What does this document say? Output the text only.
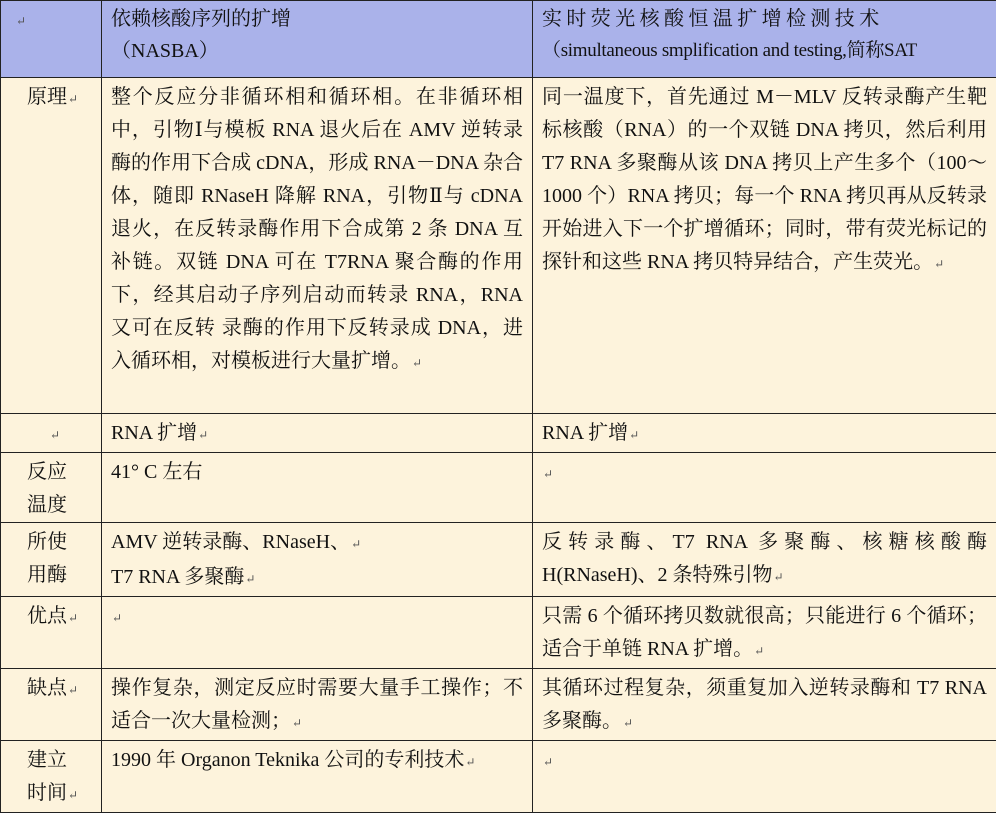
↵	依赖核酸序列的扩增
（NASBA）	实 时 荧 光 核 酸 恒 温 扩 增 检 测 技 术
（simultaneous smplification and testing,简称SAT

原理↵	整个反应分非循环相和循环相。在非循环相中，引物Ⅰ与模板 RNA 退火后在 AMV 逆转录酶的作用下合成 cDNA，形成 RNA－DNA 杂合体，随即 RNaseH 降解 RNA，引物Ⅱ与 cDNA 退火，在反转录酶作用下合成第 2 条 DNA 互补链。双链 DNA 可在 T7RNA 聚合酶的作用下，经其启动子序列启动而转录 RNA，RNA 又可在反转 录酶的作用下反转录成 DNA，进入循环相，对模板进行大量扩增。↵	同一温度下，首先通过 M－MLV 反转录酶产生靶标核酸（RNA）的一个双链 DNA 拷贝，然后利用 T7 RNA 多聚酶从该 DNA 拷贝上产生多个（100～1000 个）RNA 拷贝；每一个 RNA 拷贝再从反转录开始进入下一个扩增循环；同时，带有荧光标记的探针和这些 RNA 拷贝特异结合，产生荧光。↵
↵	RNA 扩增↵	RNA 扩增↵

反应
温度	41° C 左右	↵

所使
用酶	AMV 逆转录酶、RNaseH、↵
T7 RNA 多聚酶↵	反转录酶、T7 RNA 多聚酶、核糖核酸酶
H(RNaseH)、2 条特殊引物↵

优点↵	↵	只需 6 个循环拷贝数就很高；只能进行 6 个循环；适合于单链 RNA 扩增。↵
缺点↵	操作复杂，测定反应时需要大量手工操作；不适合一次大量检测；↵	其循环过程复杂，须重复加入逆转录酶和 T7 RNA 多聚酶。↵

建立
时间↵	1990 年 Organon Teknika 公司的专利技术↵	↵
